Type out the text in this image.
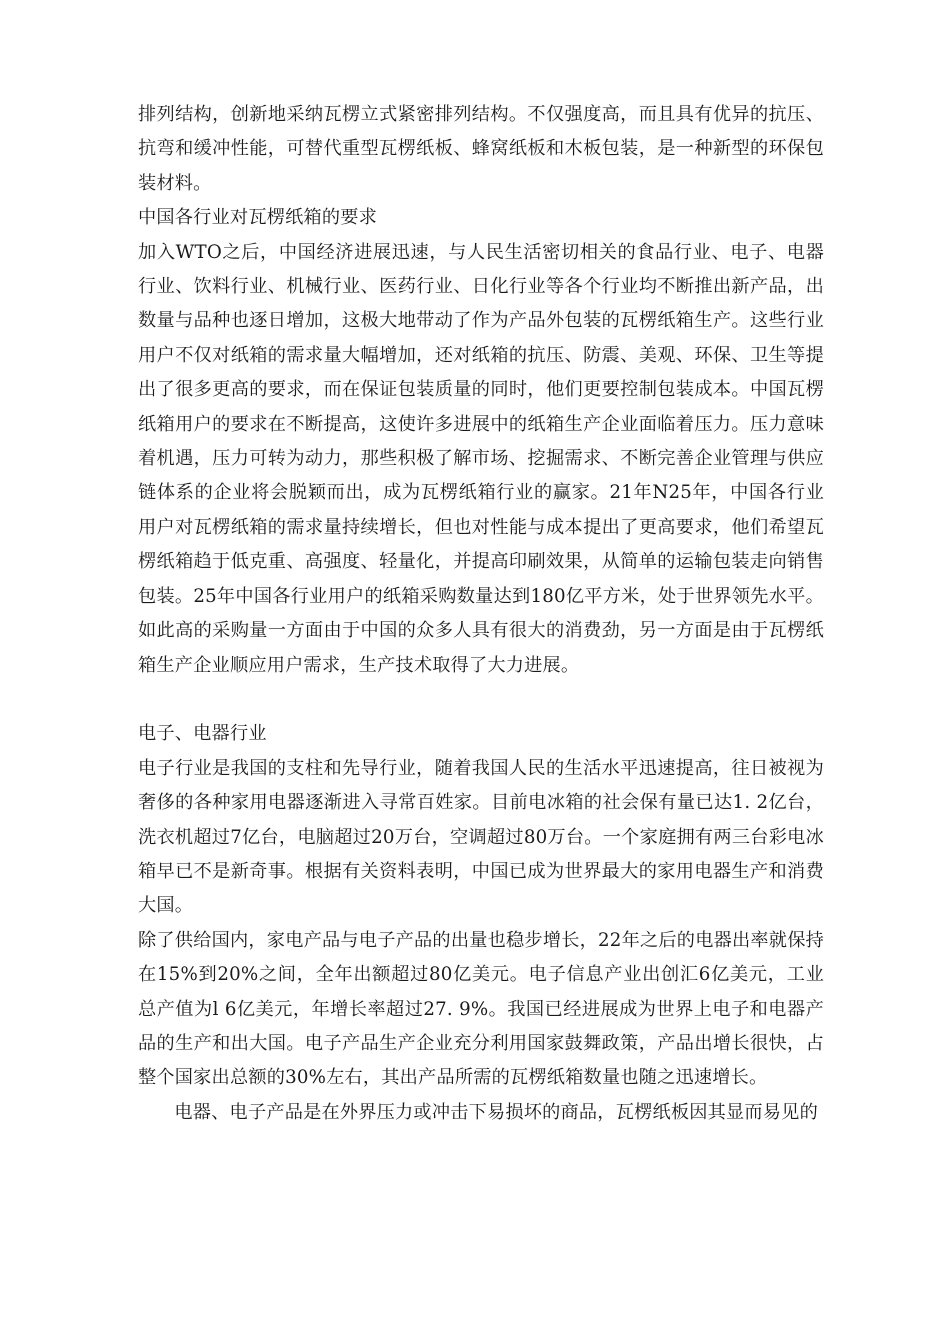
排列结构，创新地采纳瓦楞立式紧密排列结构。不仅强度高，而且具有优异的抗压、抗弯和缓冲性能，可替代重型瓦楞纸板、蜂窝纸板和木板包装，是一种新型的环保包装材料。

中国各行业对瓦楞纸箱的要求

加入WTO之后，中国经济进展迅速，与人民生活密切相关的食品行业、电子、电器行业、饮料行业、机械行业、医药行业、日化行业等各个行业均不断推出新产品，出数量与品种也逐日增加，这极大地带动了作为产品外包装的瓦楞纸箱生产。这些行业用户不仅对纸箱的需求量大幅增加，还对纸箱的抗压、防震、美观、环保、卫生等提出了很多更高的要求，而在保证包装质量的同时，他们更要控制包装成本。中国瓦楞纸箱用户的要求在不断提高，这使许多进展中的纸箱生产企业面临着压力。压力意味着机遇，压力可转为动力，那些积极了解市场、挖掘需求、不断完善企业管理与供应链体系的企业将会脱颖而出，成为瓦楞纸箱行业的赢家。21年N25年，中国各行业用户对瓦楞纸箱的需求量持续增长，但也对性能与成本提出了更高要求，他们希望瓦楞纸箱趋于低克重、高强度、轻量化，并提高印刷效果，从简单的运输包装走向销售包装。25年中国各行业用户的纸箱采购数量达到180亿平方米，处于世界领先水平。如此高的采购量一方面由于中国的众多人具有很大的消费劲，另一方面是由于瓦楞纸箱生产企业顺应用户需求，生产技术取得了大力进展。

电子、电器行业

电子行业是我国的支柱和先导行业，随着我国人民的生活水平迅速提高，往日被视为奢侈的各种家用电器逐渐进入寻常百姓家。目前电冰箱的社会保有量已达1. 2亿台，洗衣机超过7亿台，电脑超过20万台，空调超过80万台。一个家庭拥有两三台彩电冰箱早已不是新奇事。根据有关资料表明，中国已成为世界最大的家用电器生产和消费大国。

除了供给国内，家电产品与电子产品的出量也稳步增长，22年之后的电器出率就保持在15%到20%之间，全年出额超过80亿美元。电子信息产业出创汇6亿美元，工业总产值为l 6亿美元，年增长率超过27. 9%。我国已经进展成为世界上电子和电器产品的生产和出大国。电子产品生产企业充分利用国家鼓舞政策，产品出增长很快，占整个国家出总额的30%左右，其出产品所需的瓦楞纸箱数量也随之迅速增长。

电器、电子产品是在外界压力或冲击下易损坏的商品，瓦楞纸板因其显而易见的
